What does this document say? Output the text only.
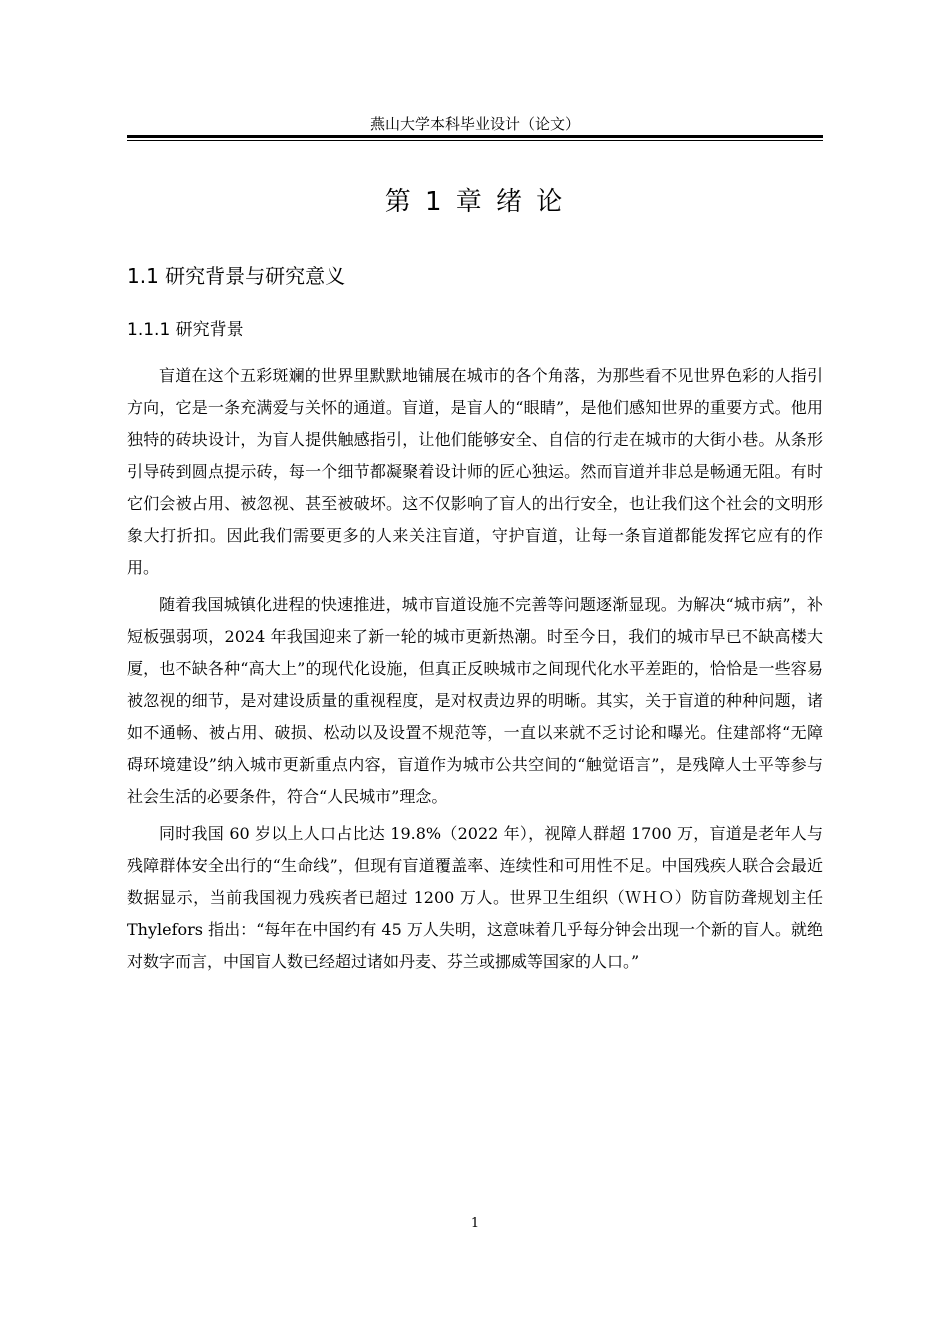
燕山大学本科毕业设计（论文）
第 1 章 绪 论
1.1 研究背景与研究意义
1.1.1 研究背景

盲道在这个五彩斑斓的世界里默默地铺展在城市的各个角落，为那些看不见世界色彩的人指引方向，它是一条充满爱与关怀的通道。盲道，是盲人的“眼睛”，是他们感知世界的重要方式。他用独特的砖块设计，为盲人提供触感指引，让他们能够安全、自信的行走在城市的大街小巷。从条形引导砖到圆点提示砖，每一个细节都凝聚着设计师的匠心独运。然而盲道并非总是畅通无阻。有时它们会被占用、被忽视、甚至被破坏。这不仅影响了盲人的出行安全，也让我们这个社会的文明形象大打折扣。因此我们需要更多的人来关注盲道，守护盲道，让每一条盲道都能发挥它应有的作用。

随着我国城镇化进程的快速推进，城市盲道设施不完善等问题逐渐显现。为解决“城市病”，补短板强弱项，2024 年我国迎来了新一轮的城市更新热潮。时至今日，我们的城市早已不缺高楼大厦，也不缺各种“高大上”的现代化设施，但真正反映城市之间现代化水平差距的，恰恰是一些容易被忽视的细节，是对建设质量的重视程度，是对权责边界的明晰。其实，关于盲道的种种问题，诸如不通畅、被占用、破损、松动以及设置不规范等，一直以来就不乏讨论和曝光。住建部将“无障碍环境建设”纳入城市更新重点内容，盲道作为城市公共空间的“触觉语言”，是残障人士平等参与社会生活的必要条件，符合“人民城市”理念。

同时我国 60 岁以上人口占比达 19.8%（2022 年），视障人群超 1700 万，盲道是老年人与残障群体安全出行的“生命线”，但现有盲道覆盖率、连续性和可用性不足。中国残疾人联合会最近数据显示，当前我国视力残疾者已超过 1200 万人。世界卫生组织（ＷＨＯ）防盲防聋规划主任 Thylefors 指出：“每年在中国约有 45 万人失明，这意味着几乎每分钟会出现一个新的盲人。就绝对数字而言，中国盲人数已经超过诸如丹麦、芬兰或挪威等国家的人口。”

1
